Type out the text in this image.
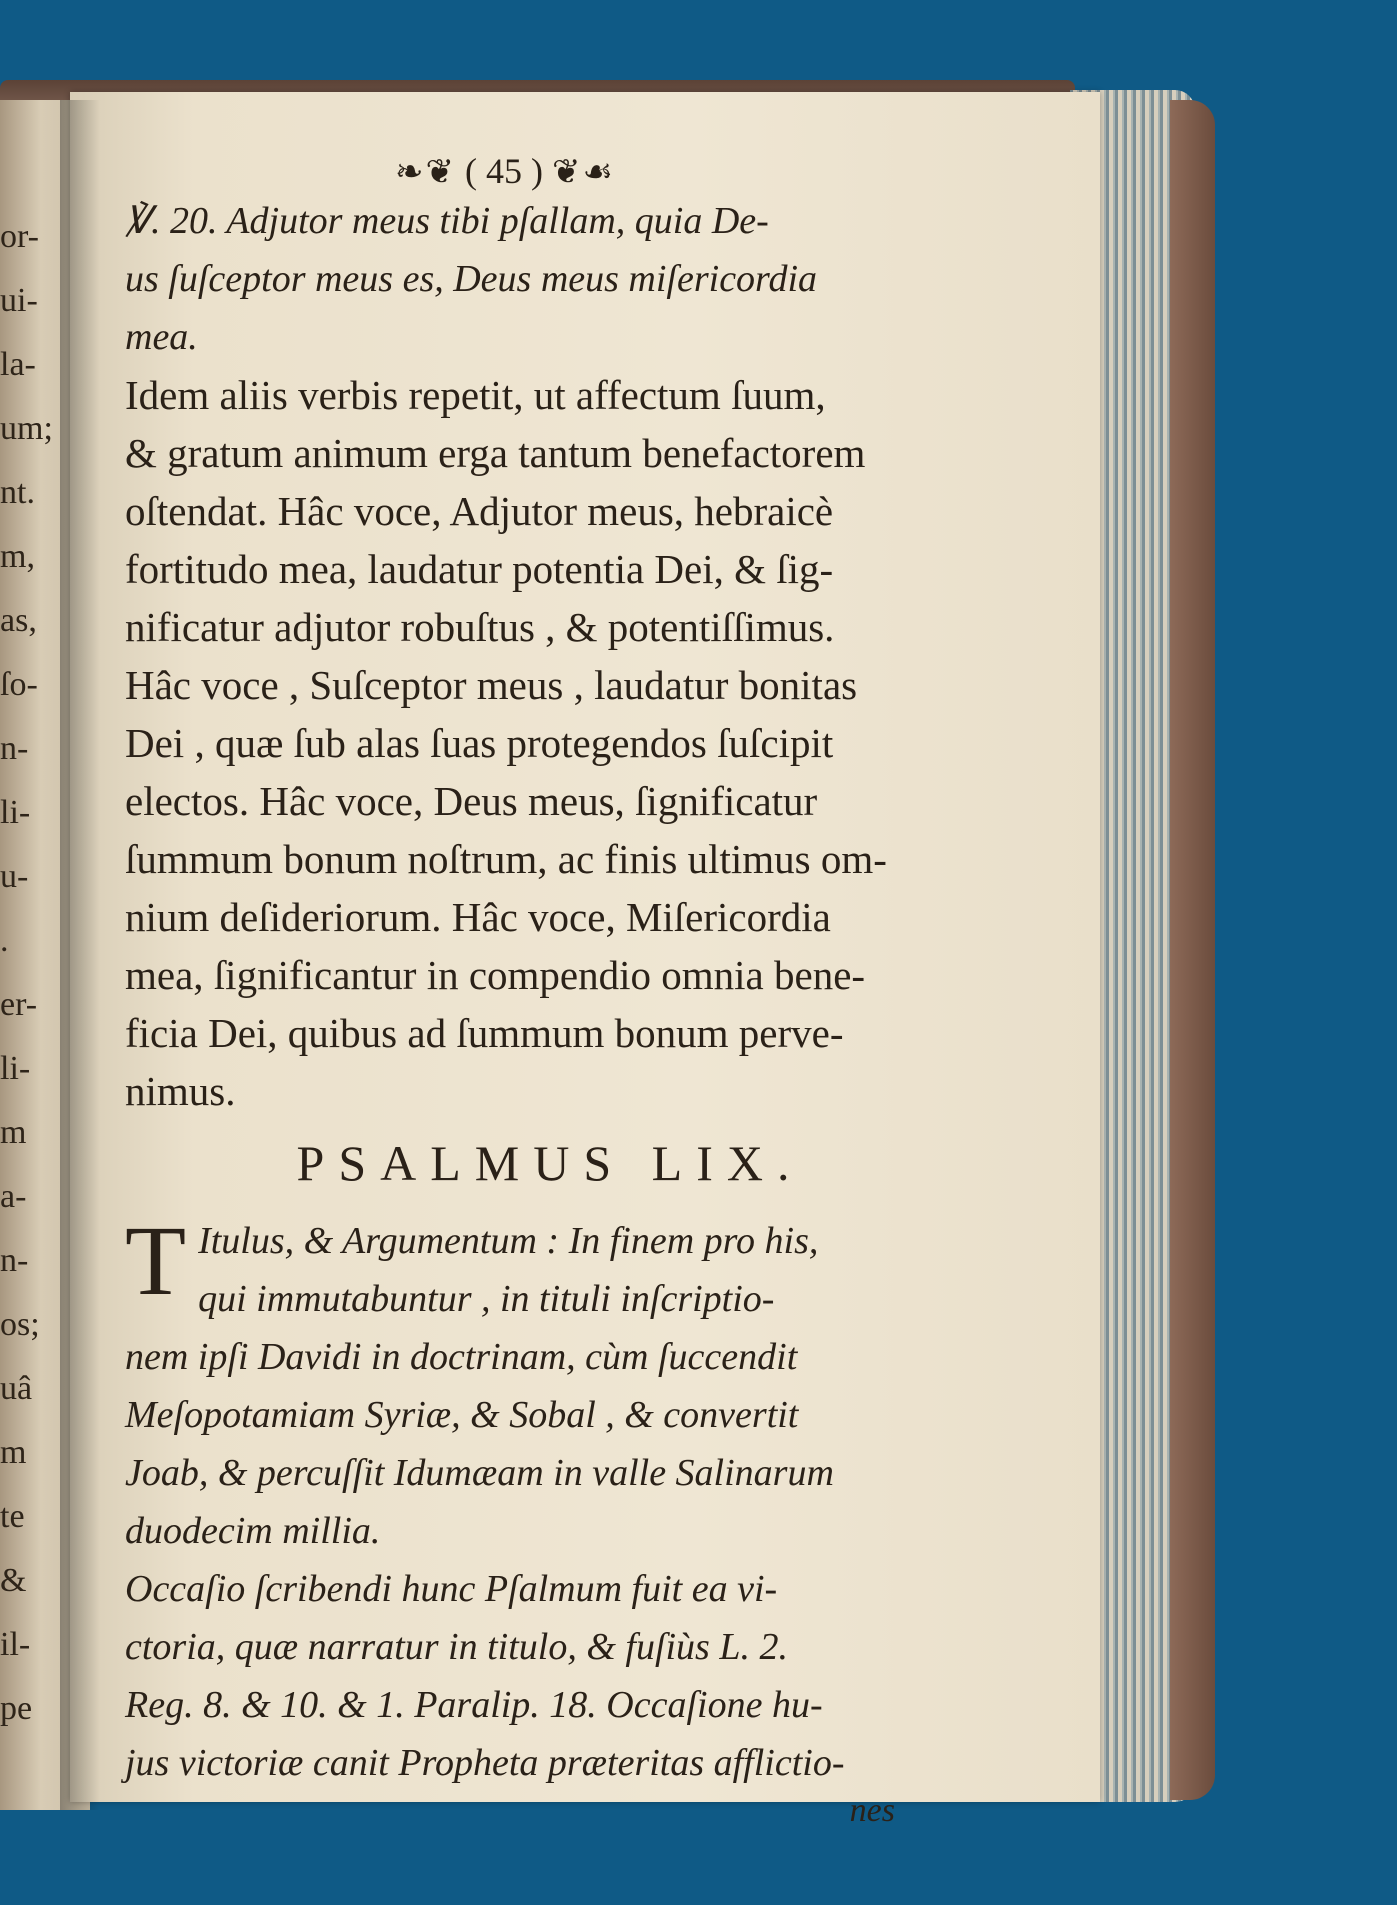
or-
ui-
la-
um;
nt.
m,
as,
ſo-
n-
li-
u-
.
er-
li-
m
a-
n-
os;
uâ
m
te
&
il-
pe
❧❦ ( 45 ) ❦☙
℣. 20. Adjutor meus tibi pſallam, quia De-
us ſuſceptor meus es, Deus meus miſericordia
mea.
Idem aliis verbis repetit, ut affectum ſuum,
& gratum animum erga tantum benefactorem
oſtendat. Hâc voce, Adjutor meus, hebraicè
fortitudo mea, laudatur potentia Dei, & ſig-
nificatur adjutor robuſtus , & potentiſſimus.
Hâc voce , Suſceptor meus , laudatur bonitas
Dei , quæ ſub alas ſuas protegendos ſuſcipit
electos. Hâc voce, Deus meus, ſignificatur
ſummum bonum noſtrum, ac finis ultimus om-
nium deſideriorum. Hâc voce, Miſericordia
mea, ſignificantur in compendio omnia bene-
ficia Dei, quibus ad ſummum bonum perve-
nimus.
PSALMUS LIX.
T Itulus, & Argumentum : In finem pro his,
qui immutabuntur , in tituli inſcriptio-
nem ipſi Davidi in doctrinam, cùm ſuccendit
Meſopotamiam Syriæ, & Sobal , & convertit
Joab, & percuſſit Idumæam in valle Salinarum
duodecim millia.
Occaſio ſcribendi hunc Pſalmum fuit ea vi-
ctoria, quæ narratur in titulo, & fuſiùs L. 2.
Reg. 8. & 10. & 1. Paralip. 18. Occaſione hu-
jus victoriæ canit Propheta præteritas afflictio-
nes
